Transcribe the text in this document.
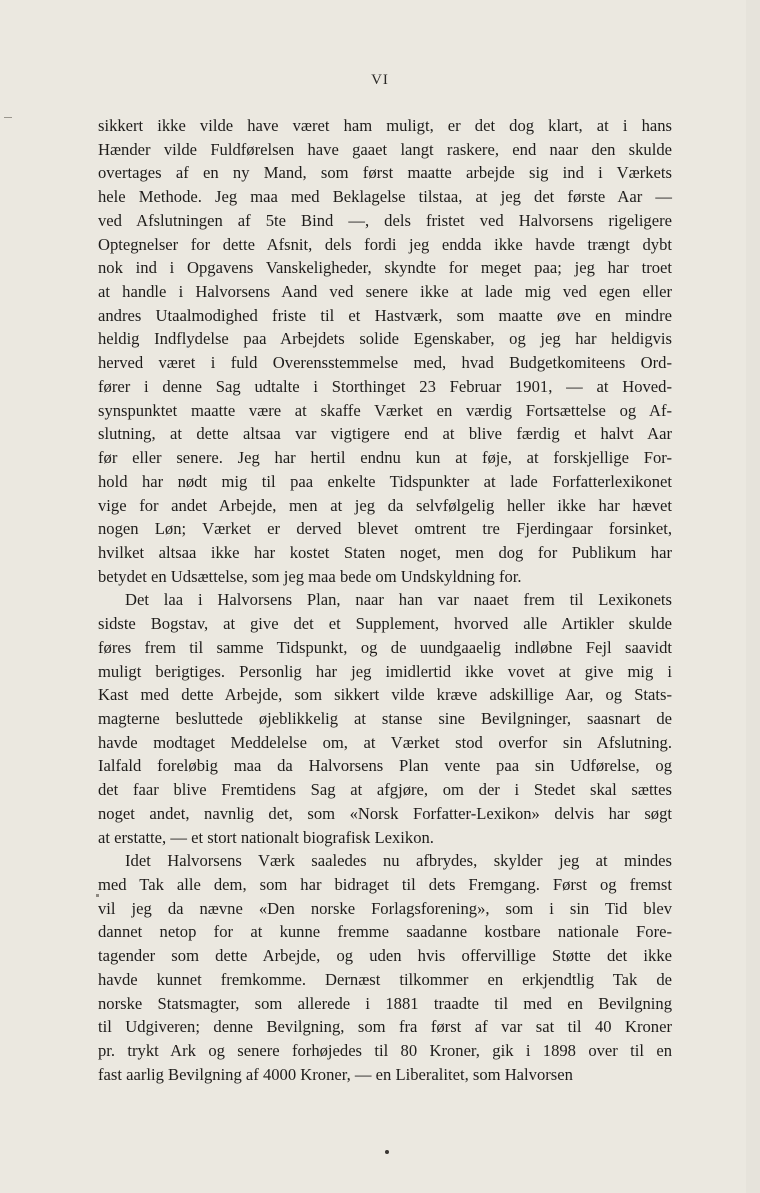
VI
sikkert ikke vilde have været ham muligt, er det dog klart, at i hans
Hænder vilde Fuldførelsen have gaaet langt raskere, end naar den skulde
overtages af en ny Mand, som først maatte arbejde sig ind i Værkets
hele Methode. Jeg maa med Beklagelse tilstaa, at jeg det første Aar —
ved Afslutningen af 5te Bind —, dels fristet ved Halvorsens rigeligere
Optegnelser for dette Afsnit, dels fordi jeg endda ikke havde trængt dybt
nok ind i Opgavens Vanskeligheder, skyndte for meget paa; jeg har troet
at handle i Halvorsens Aand ved senere ikke at lade mig ved egen eller
andres Utaalmodighed friste til et Hastværk, som maatte øve en mindre
heldig Indflydelse paa Arbejdets solide Egenskaber, og jeg har heldigvis
herved været i fuld Overensstemmelse med, hvad Budgetkomiteens Ord-
fører i denne Sag udtalte i Storthinget 23 Februar 1901, — at Hoved-
synspunktet maatte være at skaffe Værket en værdig Fortsættelse og Af-
slutning, at dette altsaa var vigtigere end at blive færdig et halvt Aar
før eller senere. Jeg har hertil endnu kun at føje, at forskjellige For-
hold har nødt mig til paa enkelte Tidspunkter at lade Forfatterlexikonet
vige for andet Arbejde, men at jeg da selvfølgelig heller ikke har hævet
nogen Løn; Værket er derved blevet omtrent tre Fjerdingaar forsinket,
hvilket altsaa ikke har kostet Staten noget, men dog for Publikum har
betydet en Udsættelse, som jeg maa bede om Undskyldning for.
Det laa i Halvorsens Plan, naar han var naaet frem til Lexikonets
sidste Bogstav, at give det et Supplement, hvorved alle Artikler skulde
føres frem til samme Tidspunkt, og de uundgaaelig indløbne Fejl saavidt
muligt berigtiges. Personlig har jeg imidlertid ikke vovet at give mig i
Kast med dette Arbejde, som sikkert vilde kræve adskillige Aar, og Stats-
magterne besluttede øjeblikkelig at stanse sine Bevilgninger, saasnart de
havde modtaget Meddelelse om, at Værket stod overfor sin Afslutning.
Ialfald foreløbig maa da Halvorsens Plan vente paa sin Udførelse, og
det faar blive Fremtidens Sag at afgjøre, om der i Stedet skal sættes
noget andet, navnlig det, som «Norsk Forfatter-Lexikon» delvis har søgt
at erstatte, — et stort nationalt biografisk Lexikon.
Idet Halvorsens Værk saaledes nu afbrydes, skylder jeg at mindes
med Tak alle dem, som har bidraget til dets Fremgang. Først og fremst
vil jeg da nævne «Den norske Forlagsforening», som i sin Tid blev
dannet netop for at kunne fremme saadanne kostbare nationale Fore-
tagender som dette Arbejde, og uden hvis offervillige Støtte det ikke
havde kunnet fremkomme. Dernæst tilkommer en erkjendtlig Tak de
norske Statsmagter, som allerede i 1881 traadte til med en Bevilgning
til Udgiveren; denne Bevilgning, som fra først af var sat til 40 Kroner
pr. trykt Ark og senere forhøjedes til 80 Kroner, gik i 1898 over til en
fast aarlig Bevilgning af 4000 Kroner, — en Liberalitet, som Halvorsen
